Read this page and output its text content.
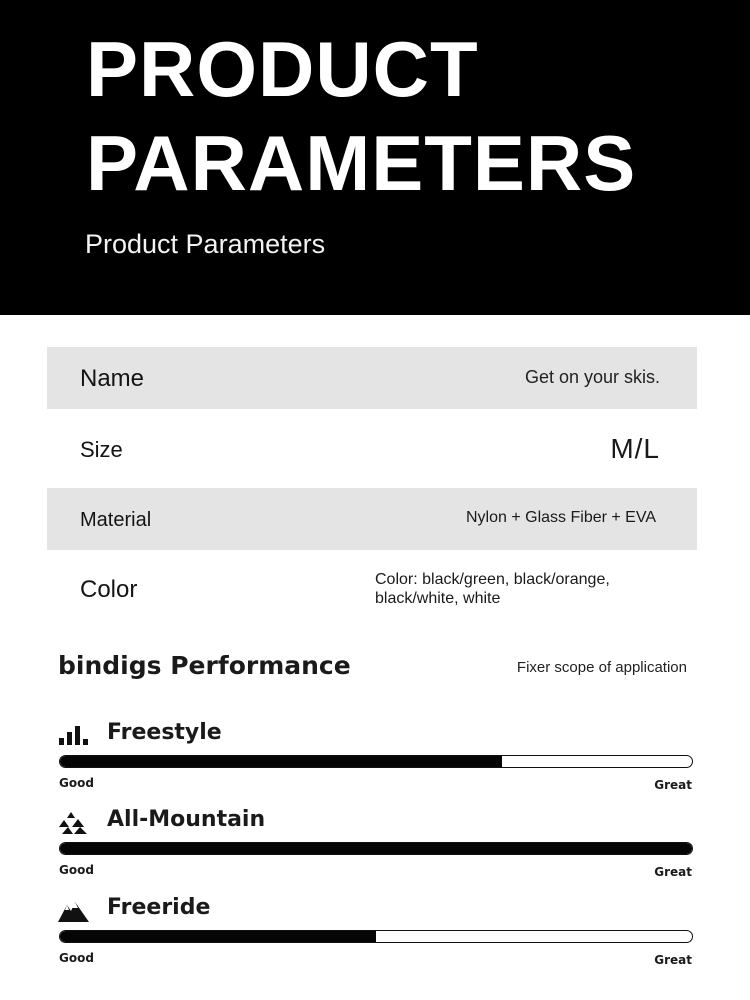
PRODUCT
PARAMETERS
Product Parameters
Name	Get on your skis.
Size	M/L
Material	Nylon + Glass Fiber + EVA
Color	Color: black/green, black/orange, black/white, white
bindigs Performance	Fixer scope of application
Freestyle
Good	Great
All-Mountain
Good	Great
Freeride
Good	Great
